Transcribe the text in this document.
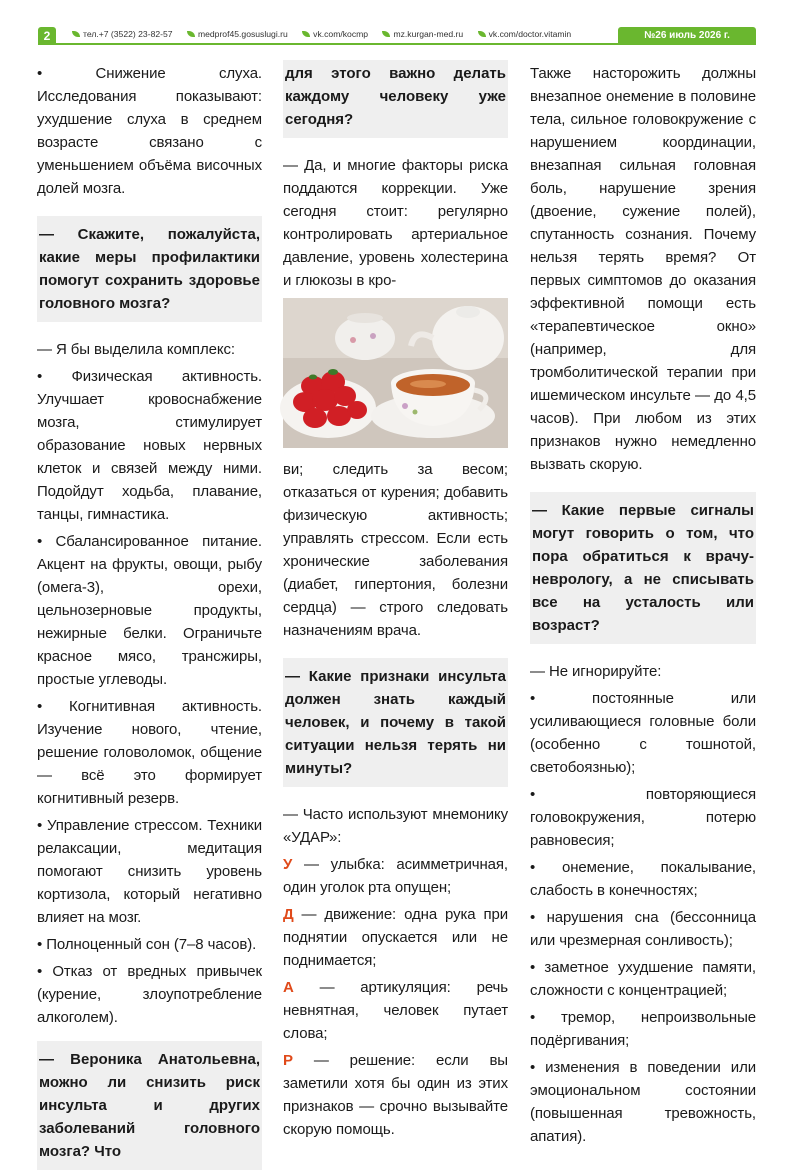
2	тел.+7 (3522) 23-82-57	medprof45.gosuslugi.ru	vk.com/kocmp	mz.kurgan-med.ru	vk.com/doctor.vitamin	№26 июль 2026 г.

• Снижение слуха. Исследования показывают: ухудшение слуха в среднем возрасте связано с уменьшением объёма височных долей мозга.

— Скажите, пожалуйста, какие меры профилактики помогут сохранить здоровье головного мозга?

— Я бы выделила комплекс:

• Физическая активность. Улучшает кровоснабжение мозга, стимулирует образование новых нервных клеток и связей между ними. Подойдут ходьба, плавание, танцы, гимнастика.

• Сбалансированное питание. Акцент на фрукты, овощи, рыбу (омега-3), орехи, цельнозерновые продукты, нежирные белки. Ограничьте красное мясо, трансжиры, простые углеводы.

• Когнитивная активность. Изучение нового, чтение, решение головоломок, общение — всё это формирует когнитивный резерв.

• Управление стрессом. Техники релаксации, медитация помогают снизить уровень кортизола, который негативно влияет на мозг.

• Полноценный сон (7–8 часов).

• Отказ от вредных привычек (курение, злоупотребление алкоголем).

— Вероника Анатольевна, можно ли снизить риск инсульта и других заболеваний головного мозга? Что
для этого важно делать каждому человеку уже сегодня?

— Да, и многие факторы риска поддаются коррекции. Уже сегодня стоит: регулярно контролировать артериальное давление, уровень холестерина и глюкозы в кро-

ви; следить за весом; отказаться от курения; добавить физическую активность; управлять стрессом. Если есть хронические заболевания (диабет, гипертония, болезни сердца) — строго следовать назначениям врача.

— Какие признаки инсульта должен знать каждый человек, и почему в такой ситуации нельзя терять ни минуты?

— Часто используют мнемонику «УДАР»:

У — улыбка: асимметричная, один уголок рта опущен;

Д — движение: одна рука при поднятии опускается или не поднимается;

А — артикуляция: речь невнятная, человек путает слова;

Р — решение: если вы заметили хотя бы один из этих признаков — срочно вызывайте скорую помощь.

Также насторожить должны внезапное онемение в половине тела, сильное головокружение с нарушением координации, внезапная сильная головная боль, нарушение зрения (двоение, сужение полей), спутанность сознания. Почему нельзя терять время? От первых симптомов до оказания эффективной помощи есть «терапевтическое окно» (например, для тромболитической терапии при ишемическом инсульте — до 4,5 часов). При любом из этих признаков нужно немедленно вызвать скорую.

— Какие первые сигналы могут говорить о том, что пора обратиться к врачу-неврологу, а не списывать все на усталость или возраст?

— Не игнорируйте:

• постоянные или усиливающиеся головные боли (особенно с тошнотой, светобоязнью);

• повторяющиеся головокружения, потерю равновесия;

• онемение, покалывание, слабость в конечностях;

• нарушения сна (бессонница или чрезмерная сонливость);

• заметное ухудшение памяти, сложности с концентрацией;

• тремор, непроизвольные подёргивания;

• изменения в поведении или эмоциональном состоянии (повышенная тревожность, апатия).
